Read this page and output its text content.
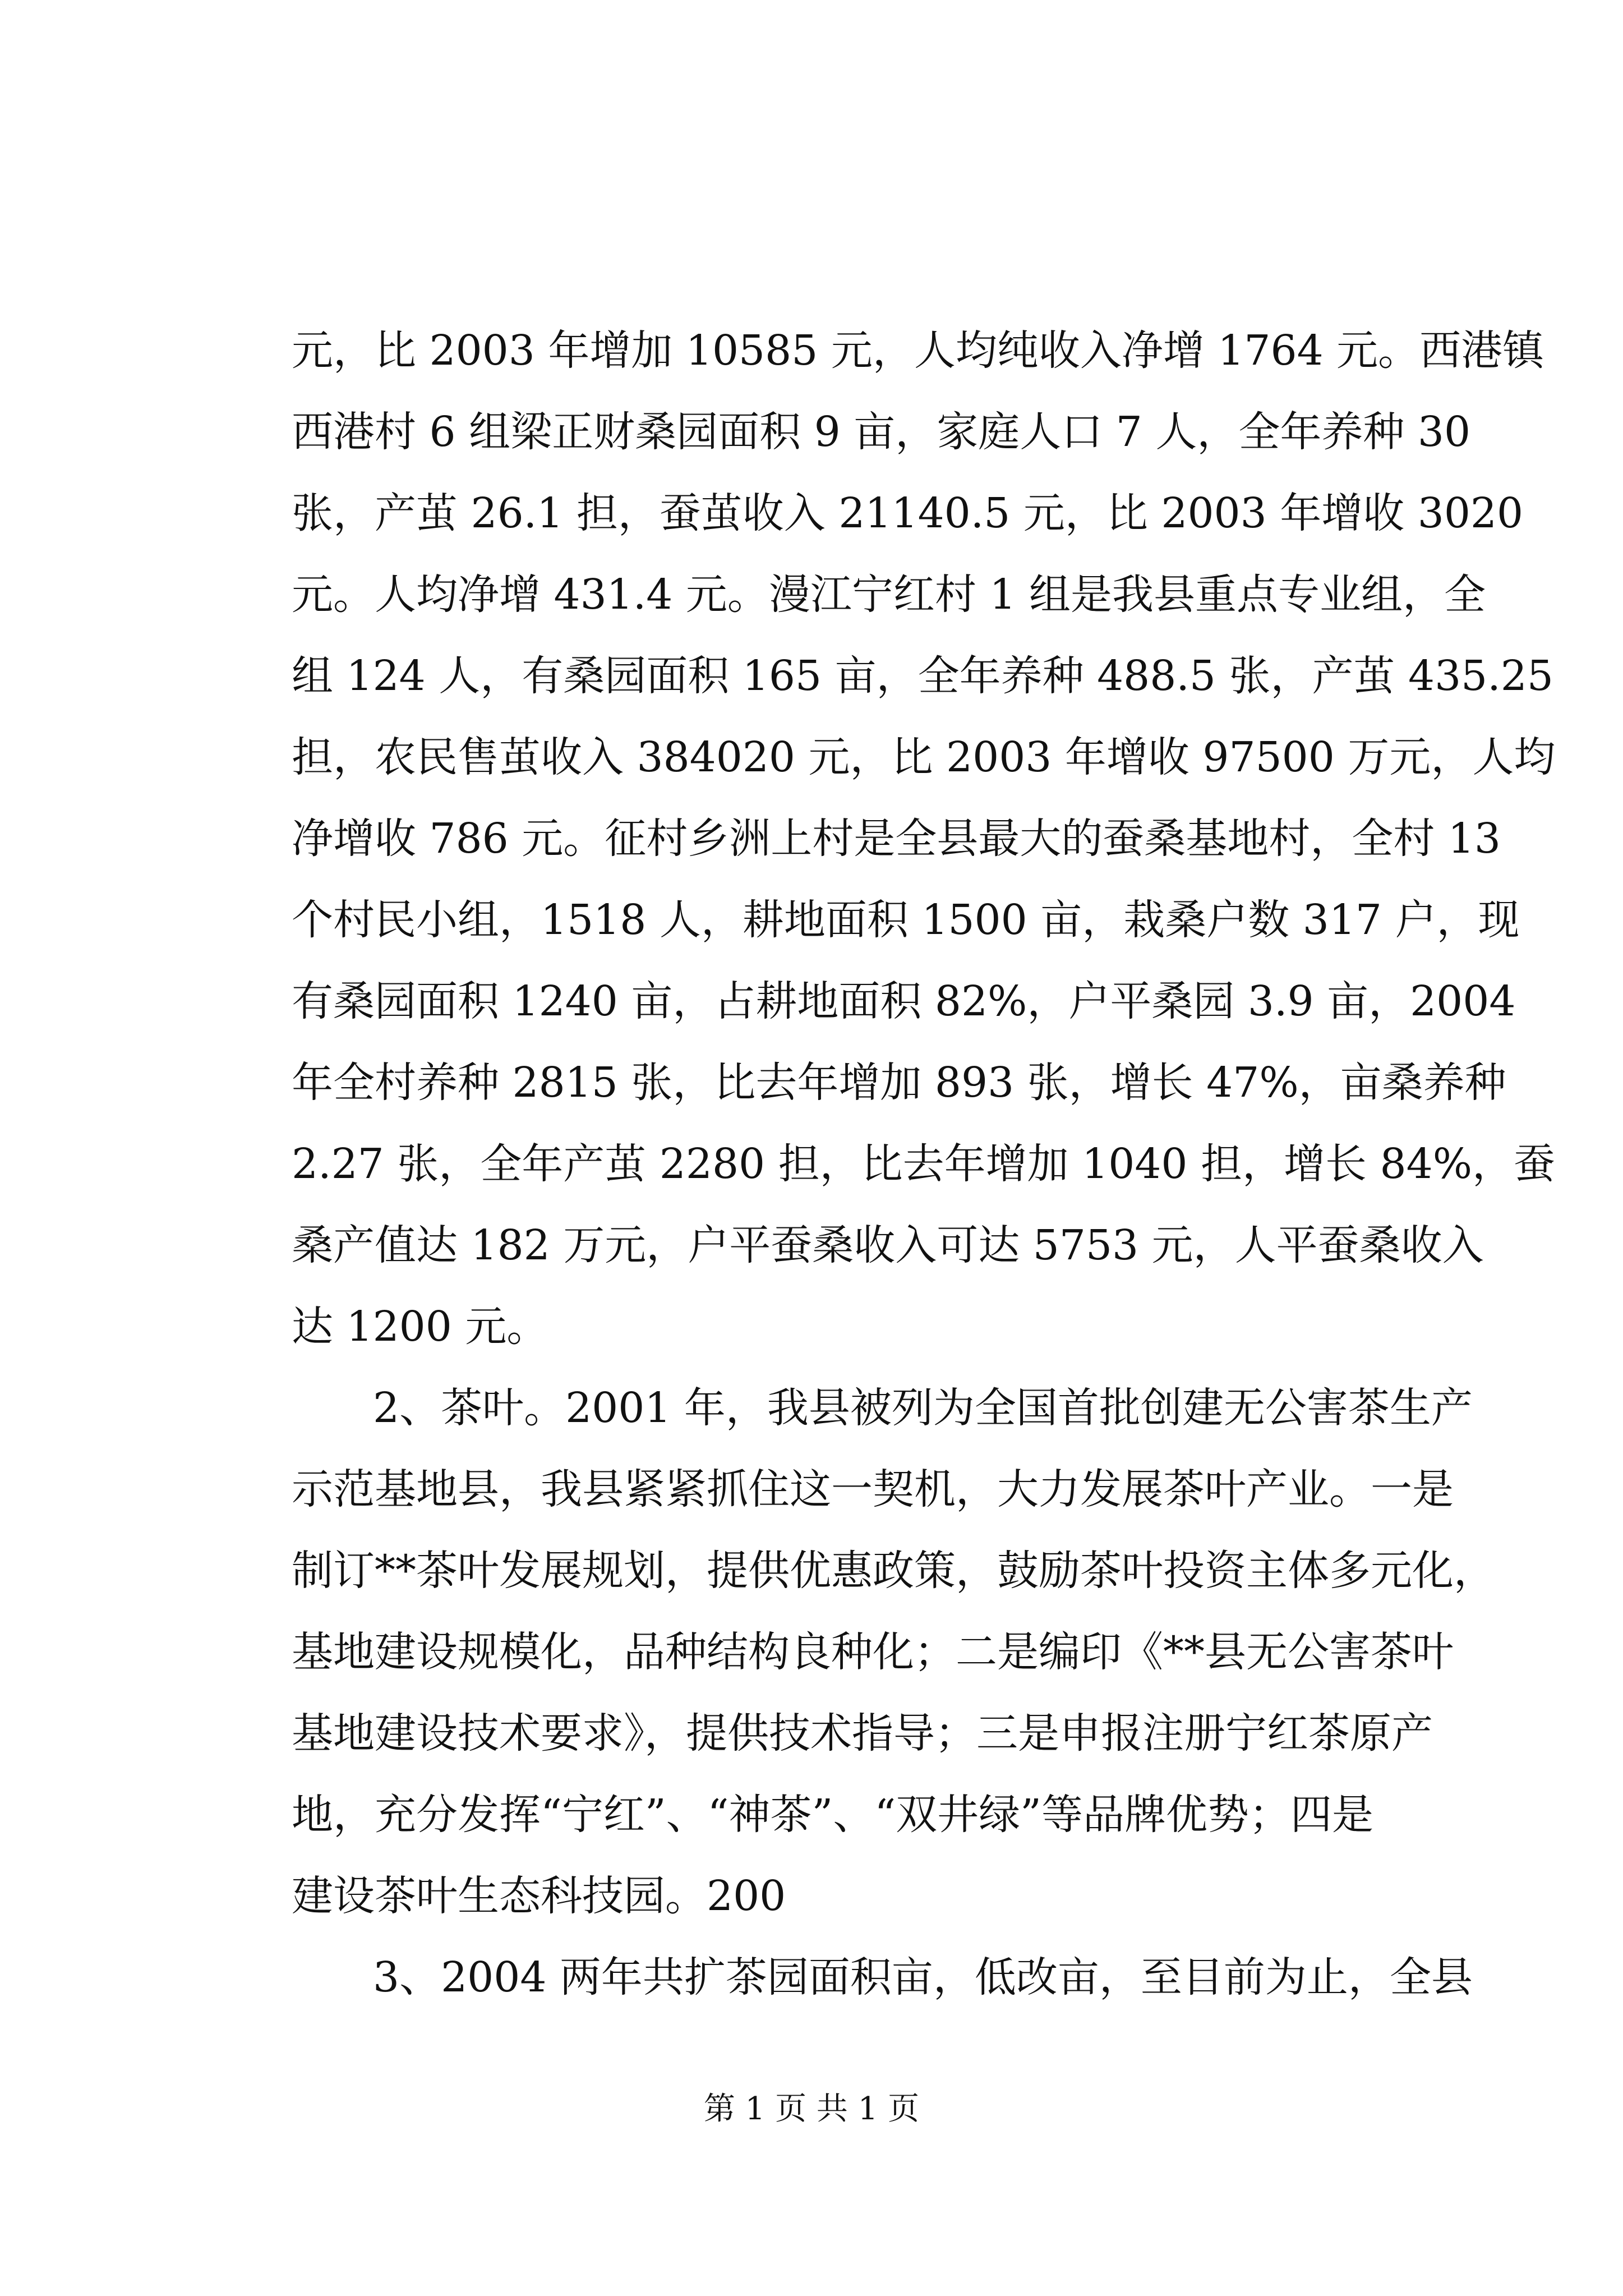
元，比 2003 年增加 10585 元，人均纯收入净增 1764 元。西港镇
西港村 6 组梁正财桑园面积 9 亩，家庭人口 7 人，全年养种 30
张，产茧 26.1 担，蚕茧收入 21140.5 元，比 2003 年增收 3020
元。人均净增 431.4 元。漫江宁红村 1 组是我县重点专业组，全
组 124 人，有桑园面积 165 亩，全年养种 488.5 张，产茧 435.25
担，农民售茧收入 384020 元，比 2003 年增收 97500 万元，人均
净增收 786 元。征村乡洲上村是全县最大的蚕桑基地村，全村 13
个村民小组，1518 人，耕地面积 1500 亩，栽桑户数 317 户，现
有桑园面积 1240 亩，占耕地面积 82%，户平桑园 3.9 亩，2004
年全村养种 2815 张，比去年增加 893 张，增长 47%，亩桑养种
2.27 张，全年产茧 2280 担，比去年增加 1040 担，增长 84%，蚕
桑产值达 182 万元，户平蚕桑收入可达 5753 元，人平蚕桑收入
达 1200 元。
2、茶叶。2001 年，我县被列为全国首批创建无公害茶生产
示范基地县，我县紧紧抓住这一契机，大力发展茶叶产业。一是
制订**茶叶发展规划，提供优惠政策，鼓励茶叶投资主体多元化，
基地建设规模化，品种结构良种化；二是编印《**县无公害茶叶
基地建设技术要求》，提供技术指导；三是申报注册宁红茶原产
地，充分发挥“宁红”、“神茶”、“双井绿”等品牌优势；四是
建设茶叶生态科技园。200
3、2004 两年共扩茶园面积亩，低改亩，至目前为止，全县
第 1 页 共 1 页
